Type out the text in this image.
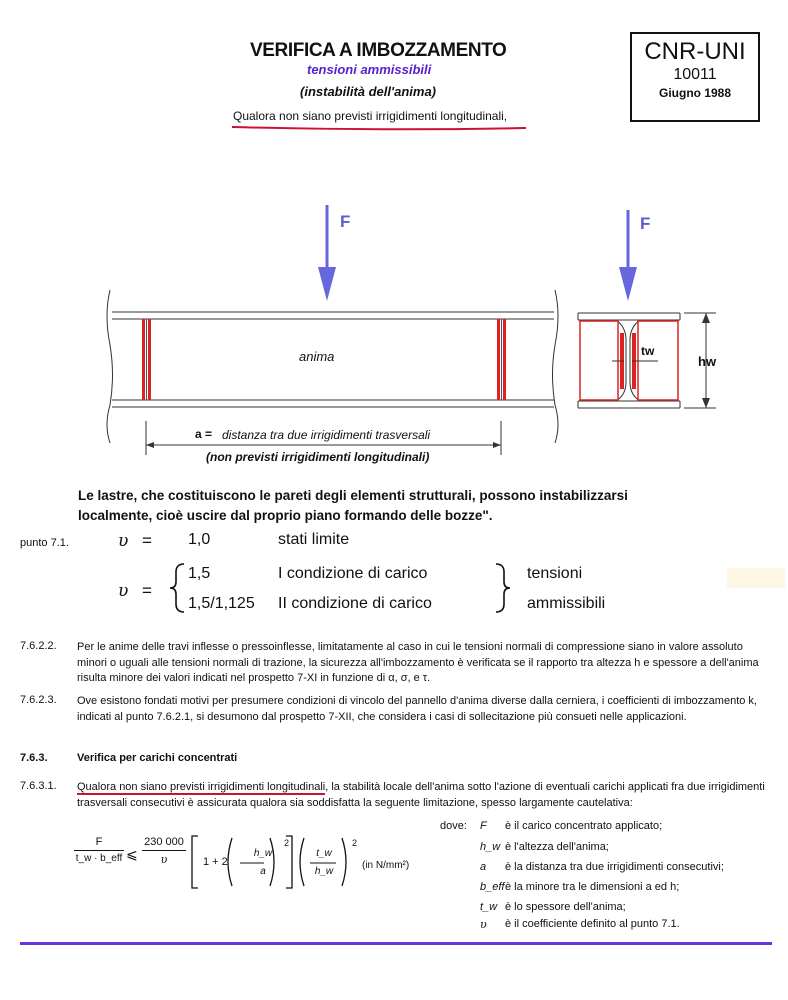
VERIFICA A IMBOZZAMENTO
tensioni ammissibili
(instabilità dell'anima)
Qualora non siano previsti irrigidimenti longitudinali,
CNR-UNI
10011
Giugno 1988
F	F
anima	tw
hw
a = distanza tra due irrigidimenti trasversali
(non previsti irrigidimenti longitudinali)
Le lastre, che costituiscono le pareti degli elementi strutturali, possono instabilizzarsi localmente, cioè uscire dal proprio piano formando delle bozze".
punto 7.1.	υ = 1,0	stati limite
υ =
1,5	I condizione di carico
1,5/1,125 II condizione di carico
tensioni
ammissibili
7.6.2.2. Per le anime delle travi inflesse o pressoinflesse, limitatamente al caso in cui le tensioni normali di compressione siano in valore assoluto minori o uguali alle tensioni normali di trazione, la sicurezza all'imbozzamento è verificata se il rapporto tra altezza h e spessore a dell'anima risulta minore dei valori indicati nel prospetto 7-XI in funzione di α, σ, e τ.
7.6.2.3. Ove esistono fondati motivi per presumere condizioni di vincolo del pannello d'anima diverse dalla cerniera, i coefficienti di imbozzamento k, indicati al punto 7.6.2.1, si desumono dal prospetto 7-XII, che considera i casi di sollecitazione più consueti nelle applicazioni.
7.6.3.	Verifica per carichi concentrati
7.6.3.1. Qualora non siano previsti irrigidimenti longitudinali, la stabilità locale dell'anima sotto l'azione di eventuali carichi applicati fra due irrigidimenti trasversali consecutivi è assicurata qualora sia soddisfatta la seguente limitazione, spesso largamente cautelativa:
F
t_w · b_eff ⩽ $\frac{230 000}{\upsilon} 1 + 2$
h_w
a
2
t_w
h_w
2
(in N/mm²)
dove: F è il carico concentrato applicato;
h_w è l'altezza dell'anima;
a è la distanza tra due irrigidimenti consecutivi;
b_eff è la minore tra le dimensioni a ed h;
t_w è lo spessore dell'anima;
υ è il coefficiente definito al punto 7.1.
